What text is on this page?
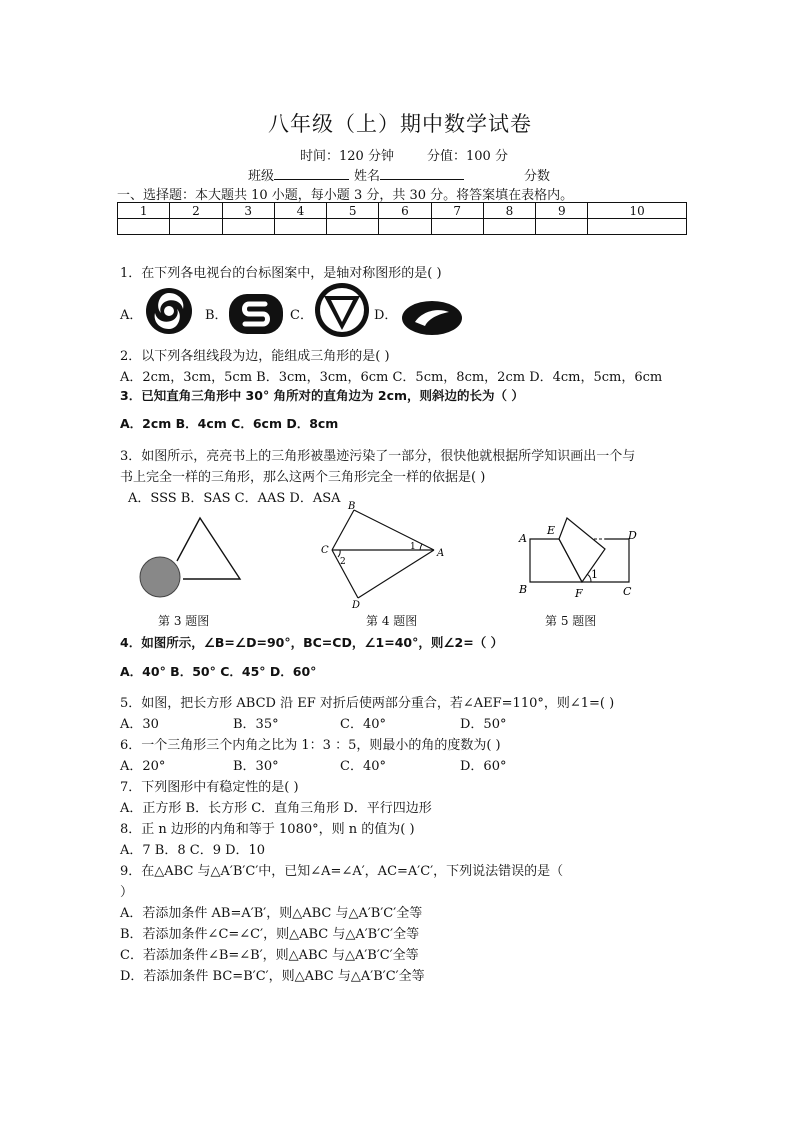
八年级（上）期中数学试卷
时间：120 分钟	分值：100 分
班级	姓名	分数
一、选择题：本大题共 10 小题，每小题 3 分，共 30 分。将答案填在表格内。
1	2	3	4	5	6	7	8	9	10

1．在下列各电视台的台标图案中，是轴对称图形的是( )
A．	B．	C．	D．
2．以下列各组线段为边，能组成三角形的是( )
A．2cm，3cm，5cm B．3cm，3cm，6cm C．5cm，8cm，2cm D．4cm，5cm，6cm
3．已知直角三角形中 30° 角所对的直角边为 2cm，则斜边的长为（ ）
A．2cm B．4cm C．6cm D．8cm
3．如图所示，亮亮书上的三角形被墨迹污染了一部分，很快他就根据所学知识画出一个与
书上完全一样的三角形，那么这两个三角形完全一样的依据是( )
A．SSS B．SAS C．AAS D．ASA
第 3 题图
B
C	A
D
1
2
第 4 题图
A
E	D
B	F	C
1
第 5 题图
4．如图所示，∠B=∠D=90°，BC=CD，∠1=40°，则∠2=（ ）
A．40° B．50° C．45° D．60°
5．如图，把长方形 ABCD 沿 EF 对折后使两部分重合，若∠AEF=110°，则∠1=( )
A．30	B．35°	C．40°	D．50°
6．一个三角形三个内角之比为 1：3 ：5，则最小的角的度数为( )
A．20°	B．30°	C．40°	D．60°
7．下列图形中有稳定性的是( )
A．正方形 B．长方形 C．直角三角形 D．平行四边形
8．正 n 边形的内角和等于 1080°，则 n 的值为( )
A．7 B．8 C．9 D．10
9．在△ABC 与△A′B′C′中，已知∠A=∠A′，AC=A′C′，下列说法错误的是（
）
A．若添加条件 AB=A′B′，则△ABC 与△A′B′C′全等
B．若添加条件∠C=∠C′，则△ABC 与△A′B′C′全等
C．若添加条件∠B=∠B′，则△ABC 与△A′B′C′全等
D．若添加条件 BC=B′C′，则△ABC 与△A′B′C′全等
